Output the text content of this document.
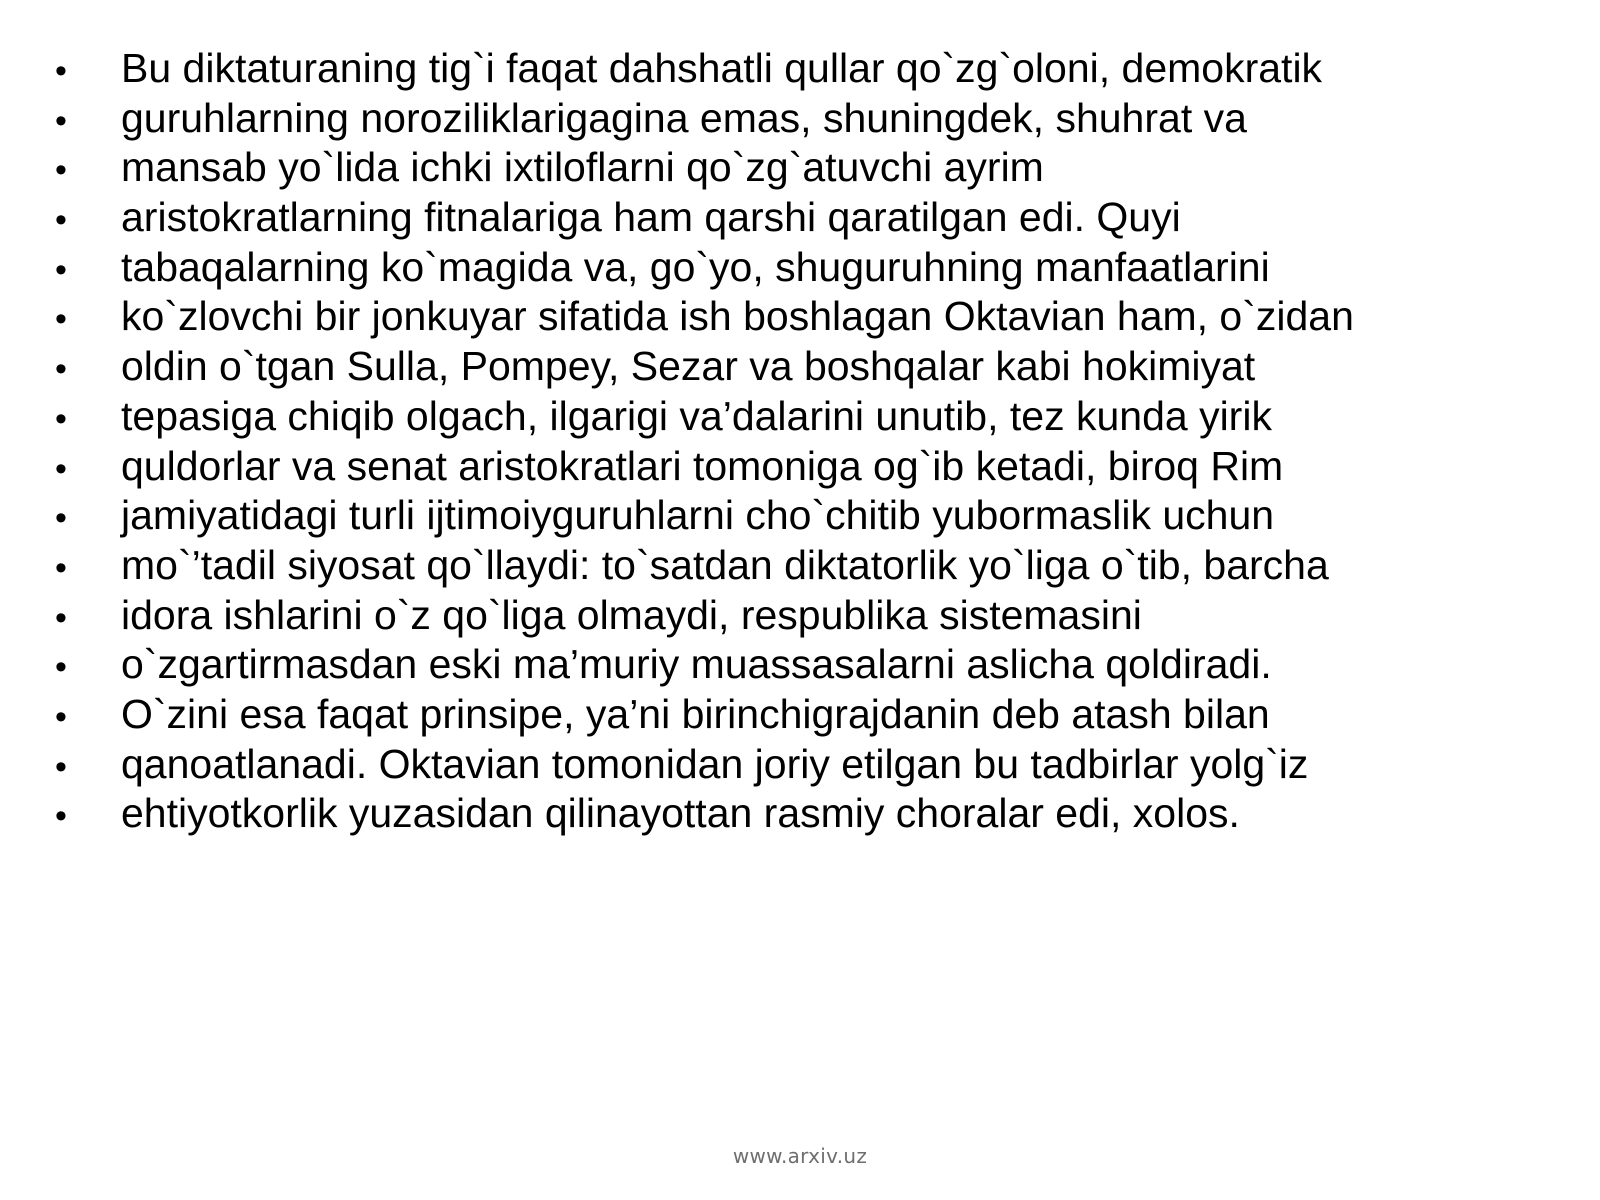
•	Bu diktaturaning tig`i faqat dahshatli qullar qo`zg`oloni, demokratik
•	guruhlarning noroziliklarigagina emas, shuningdek, shuhrat va
•	mansab yo`lida ichki ixtiloflarni qo`zg`atuvchi ayrim
•	aristokratlarning fitnalariga ham qarshi qaratilgan edi. Quyi
•	tabaqalarning ko`magida va, go`yo, shuguruhning manfaatlarini
•	ko`zlovchi bir jonkuyar sifatida ish boshlagan Oktavian ham, o`zidan
•	oldin o`tgan Sulla, Pompey, Sezar va boshqalar kabi hokimiyat
•	tepasiga chiqib olgach, ilgarigi va’dalarini unutib, tez kunda yirik
•	quldorlar va senat aristokratlari tomoniga og`ib ketadi, biroq Rim
•	jamiyatidagi turli ijtimoiyguruhlarni cho`chitib yubormaslik uchun
•	mo`’tadil siyosat qo`llaydi: to`satdan diktatorlik yo`liga o`tib, barcha
•	idora ishlarini o`z qo`liga olmaydi, respublika sistemasini
•	o`zgartirmasdan eski ma’muriy muassasalarni aslicha qoldiradi.
•	O`zini esa faqat prinsipe, ya’ni birinchigrajdanin deb atash bilan
•	qanoatlanadi. Oktavian tomonidan joriy etilgan bu tadbirlar yolg`iz
•	ehtiyotkorlik yuzasidan qilinayottan rasmiy choralar edi, xolos.
www.arxiv.uz
